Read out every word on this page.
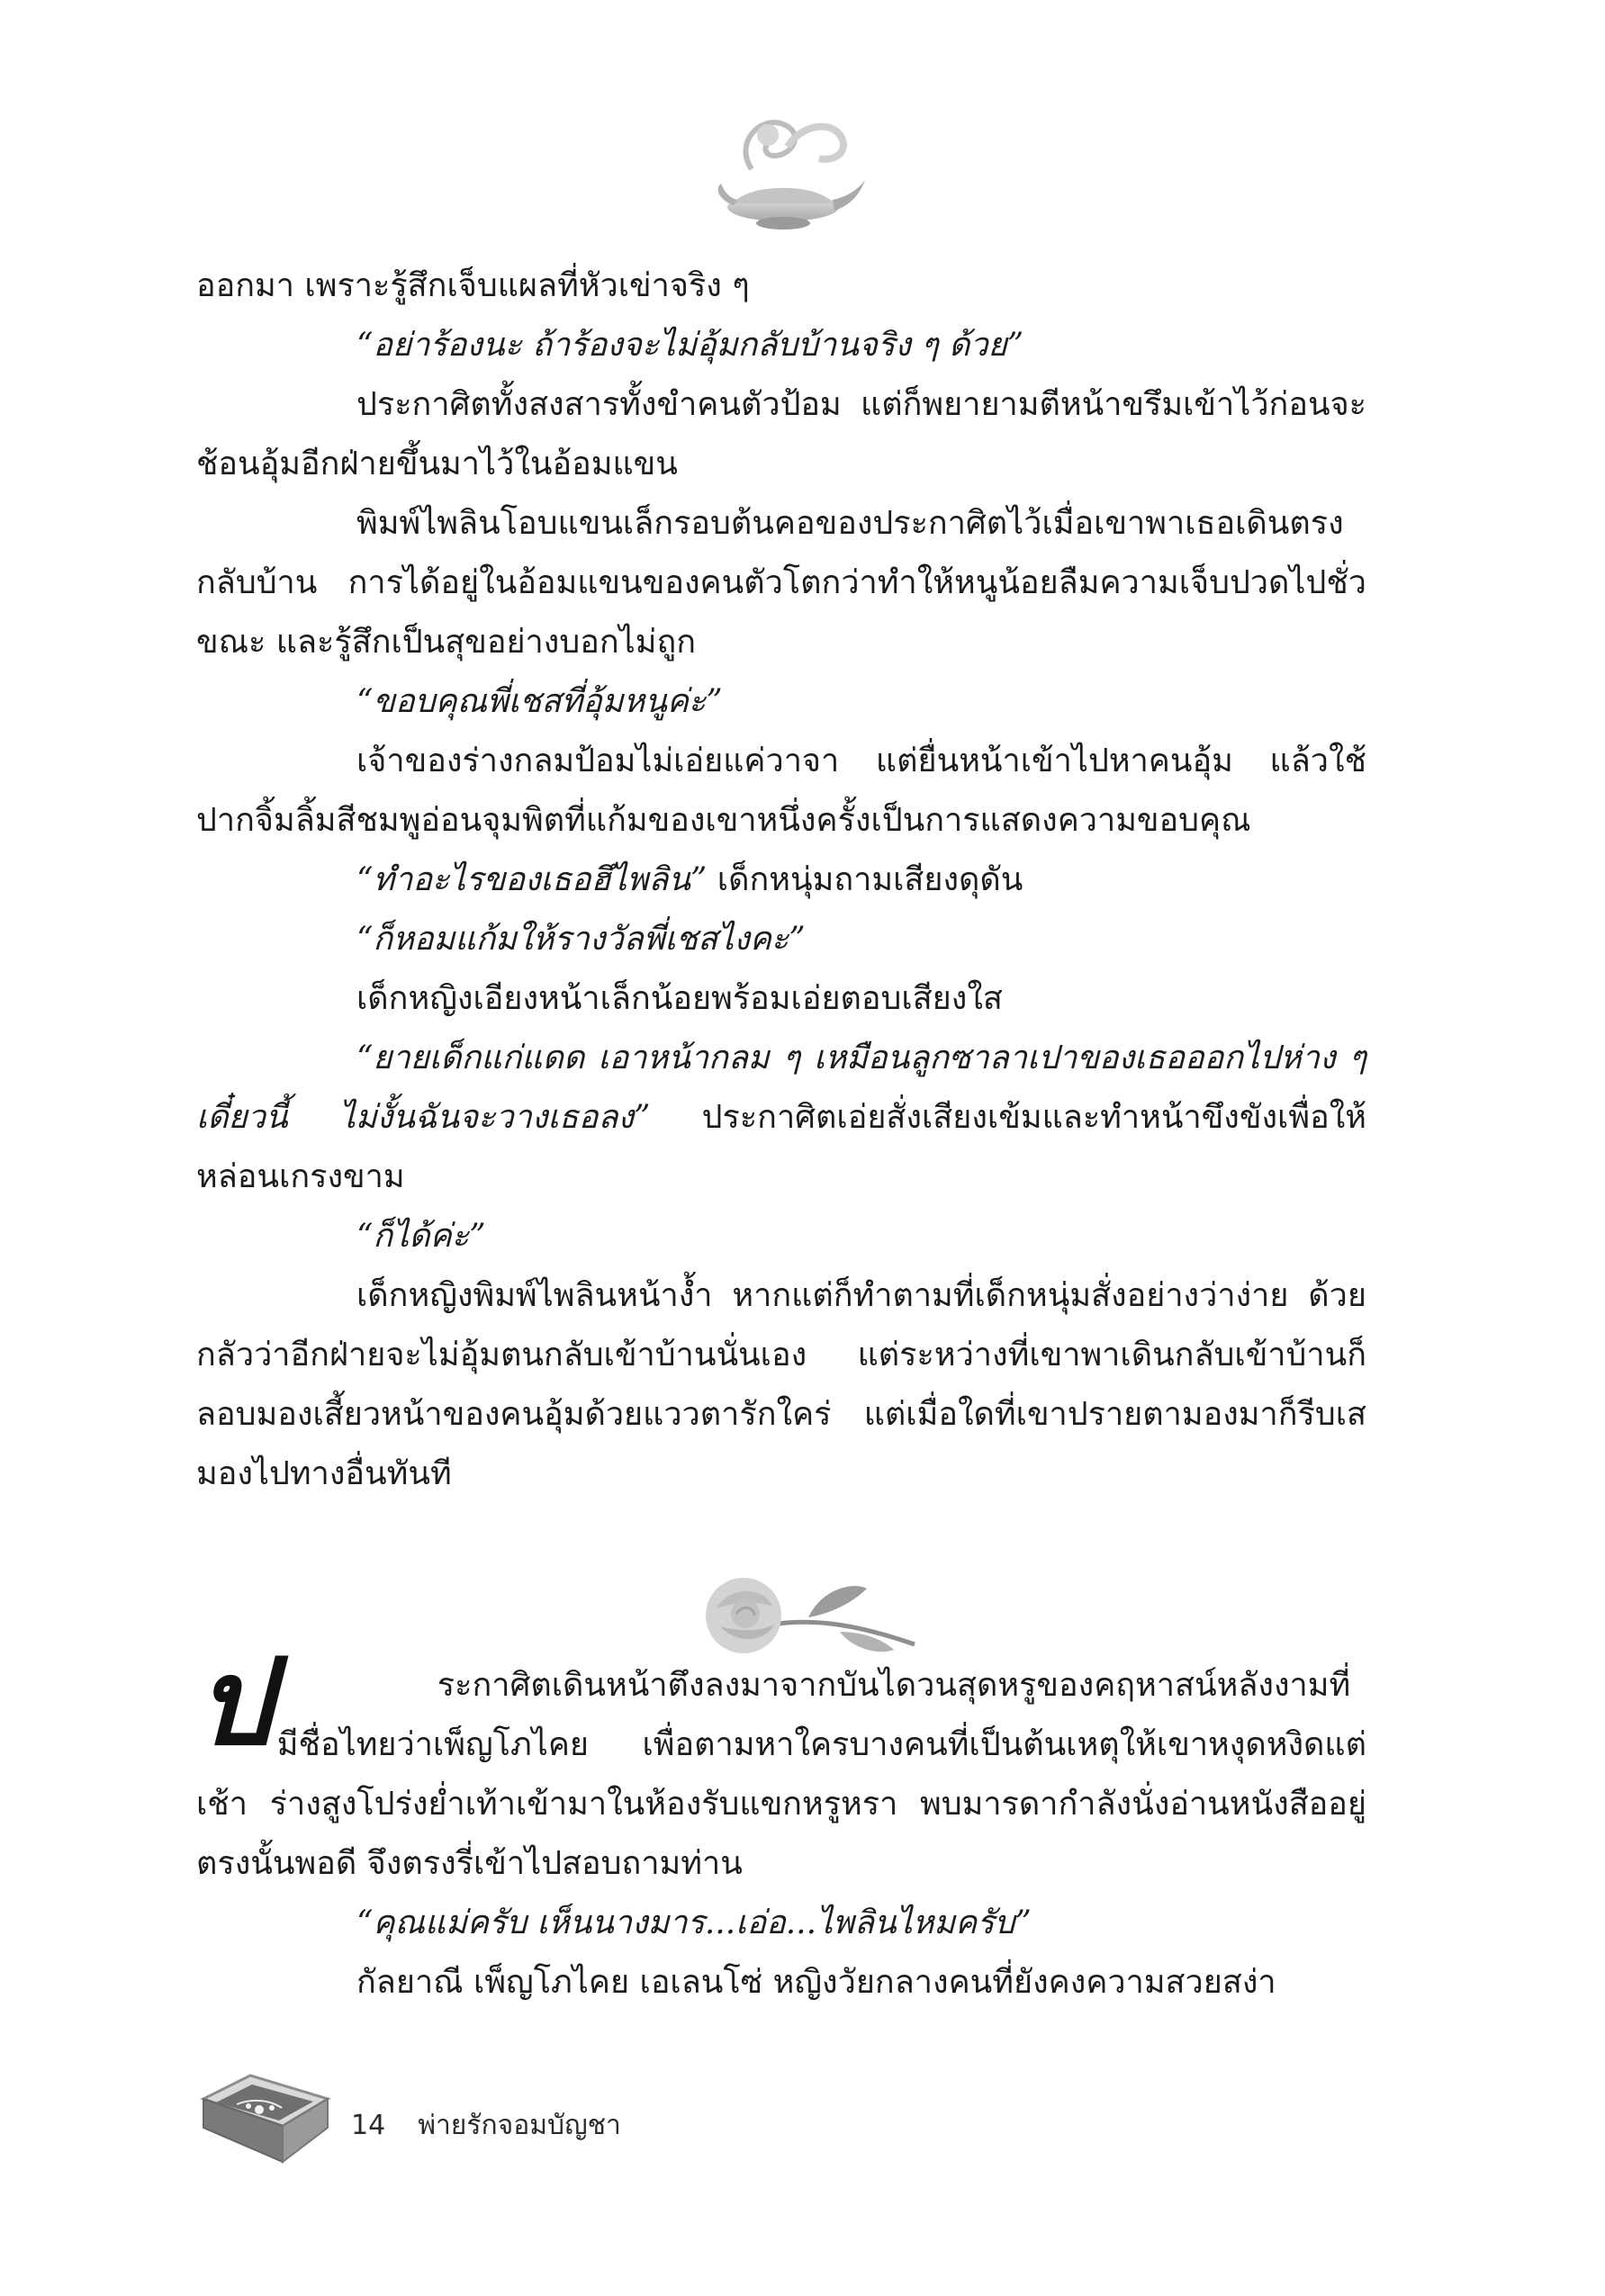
ออกมา เพราะรู้สึกเจ็บแผลที่หัวเข่าจริง ๆ

“อย่าร้องนะ ถ้าร้องจะไม่อุ้มกลับบ้านจริง ๆ ด้วย”

ประกาศิตทั้งสงสารทั้งขำคนตัวป้อม แต่ก็พยายามตีหน้าขรึมเข้าไว้ก่อนจะช้อนอุ้มอีกฝ่ายขึ้นมาไว้ในอ้อมแขน

พิมพ์ไพลินโอบแขนเล็กรอบต้นคอของประกาศิตไว้เมื่อเขาพาเธอเดินตรงกลับบ้าน การได้อยู่ในอ้อมแขนของคนตัวโตกว่าทำให้หนูน้อยลืมความเจ็บปวดไปชั่วขณะ และรู้สึกเป็นสุขอย่างบอกไม่ถูก

“ขอบคุณพี่เชสที่อุ้มหนูค่ะ”

เจ้าของร่างกลมป้อมไม่เอ่ยแค่วาจา แต่ยื่นหน้าเข้าไปหาคนอุ้ม แล้วใช้ปากจิ้มลิ้มสีชมพูอ่อนจุมพิตที่แก้มของเขาหนึ่งครั้งเป็นการแสดงความขอบคุณ

“ทำอะไรของเธอฮึไพลิน” เด็กหนุ่มถามเสียงดุดัน

“ก็หอมแก้มให้รางวัลพี่เชสไงคะ”

เด็กหญิงเอียงหน้าเล็กน้อยพร้อมเอ่ยตอบเสียงใส

“ยายเด็กแก่แดด เอาหน้ากลม ๆ เหมือนลูกซาลาเปาของเธอออกไปห่าง ๆ เดี๋ยวนี้ ไม่งั้นฉันจะวางเธอลง” ประกาศิตเอ่ยสั่งเสียงเข้มและทำหน้าขึงขังเพื่อให้หล่อนเกรงขาม

“ก็ได้ค่ะ”

เด็กหญิงพิมพ์ไพลินหน้างํ้า หากแต่ก็ทำตามที่เด็กหนุ่มสั่งอย่างว่าง่าย ด้วยกลัวว่าอีกฝ่ายจะไม่อุ้มตนกลับเข้าบ้านนั่นเอง แต่ระหว่างที่เขาพาเดินกลับเข้าบ้านก็ลอบมองเสี้ยวหน้าของคนอุ้มด้วยแววตารักใคร่ แต่เมื่อใดที่เขาปรายตามองมาก็รีบเสมองไปทางอื่นทันที

ป	ระกาศิตเดินหน้าตึงลงมาจากบันไดวนสุดหรูของคฤหาสน์หลังงามที่มีชื่อไทยว่าเพ็ญโภไคย เพื่อตามหาใครบางคนที่เป็นต้นเหตุให้เขาหงุดหงิดแต่เช้า ร่างสูงโปร่งย่ำเท้าเข้ามาในห้องรับแขกหรูหรา พบมารดากำลังนั่งอ่านหนังสืออยู่ตรงนั้นพอดี จึงตรงรี่เข้าไปสอบถามท่าน

“คุณแม่ครับ เห็นนางมาร...เอ่อ...ไพลินไหมครับ”

กัลยาณี เพ็ญโภไคย เอเลนโซ่ หญิงวัยกลางคนที่ยังคงความสวยสง่า

14 พ่ายรักจอมบัญชา
